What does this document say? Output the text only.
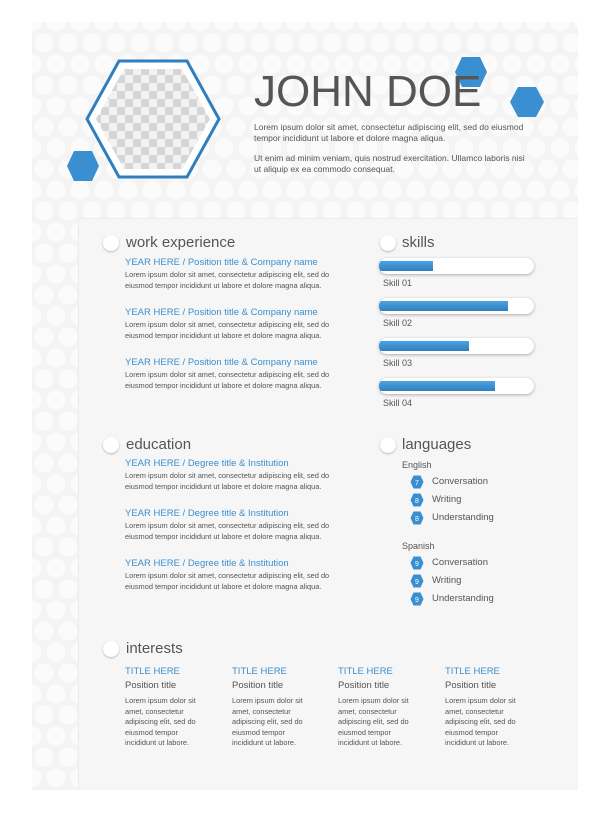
JOHN DOE
Lorem ipsum dolor sit amet, consectetur adipiscing elit, sed do eiusmod
tempor incididunt ut labore et dolore magna aliqua.
Ut enim ad minim veniam, quis nostrud exercitation. Ullamco laboris nisi
ut aliquip ex ea commodo consequat.
work experience
YEAR HERE / Position title & Company name
Lorem ipsum dolor sit amet, consectetur adipiscing elit, sed do
eiusmod tempor incididunt ut labore et dolore magna aliqua.
YEAR HERE / Position title & Company name
Lorem ipsum dolor sit amet, consectetur adipiscing elit, sed do
eiusmod tempor incididunt ut labore et dolore magna aliqua.
YEAR HERE / Position title & Company name
Lorem ipsum dolor sit amet, consectetur adipiscing elit, sed do
eiusmod tempor incididunt ut labore et dolore magna aliqua.
skills
Skill 01
Skill 02
Skill 03
Skill 04
education
YEAR HERE / Degree title & Institution
Lorem ipsum dolor sit amet, consectetur adipiscing elit, sed do
eiusmod tempor incididunt ut labore et dolore magna aliqua.
YEAR HERE / Degree title & Institution
Lorem ipsum dolor sit amet, consectetur adipiscing elit, sed do
eiusmod tempor incididunt ut labore et dolore magna aliqua.
YEAR HERE / Degree title & Institution
Lorem ipsum dolor sit amet, consectetur adipiscing elit, sed do
eiusmod tempor incididunt ut labore et dolore magna aliqua.
languages
English
7 Conversation
8 Writing
8 Understanding
Spanish
9 Conversation
9 Writing
9 Understanding
interests
TITLE HERE
Position title
Lorem ipsum dolor sit
amet, consectetur
adipiscing elit, sed do
eiusmod tempor
incididunt ut labore.
TITLE HERE
Position title
Lorem ipsum dolor sit
amet, consectetur
adipiscing elit, sed do
eiusmod tempor
incididunt ut labore.
TITLE HERE
Position title
Lorem ipsum dolor sit
amet, consectetur
adipiscing elit, sed do
eiusmod tempor
incididunt ut labore.
TITLE HERE
Position title
Lorem ipsum dolor sit
amet, consectetur
adipiscing elit, sed do
eiusmod tempor
incididunt ut labore.
